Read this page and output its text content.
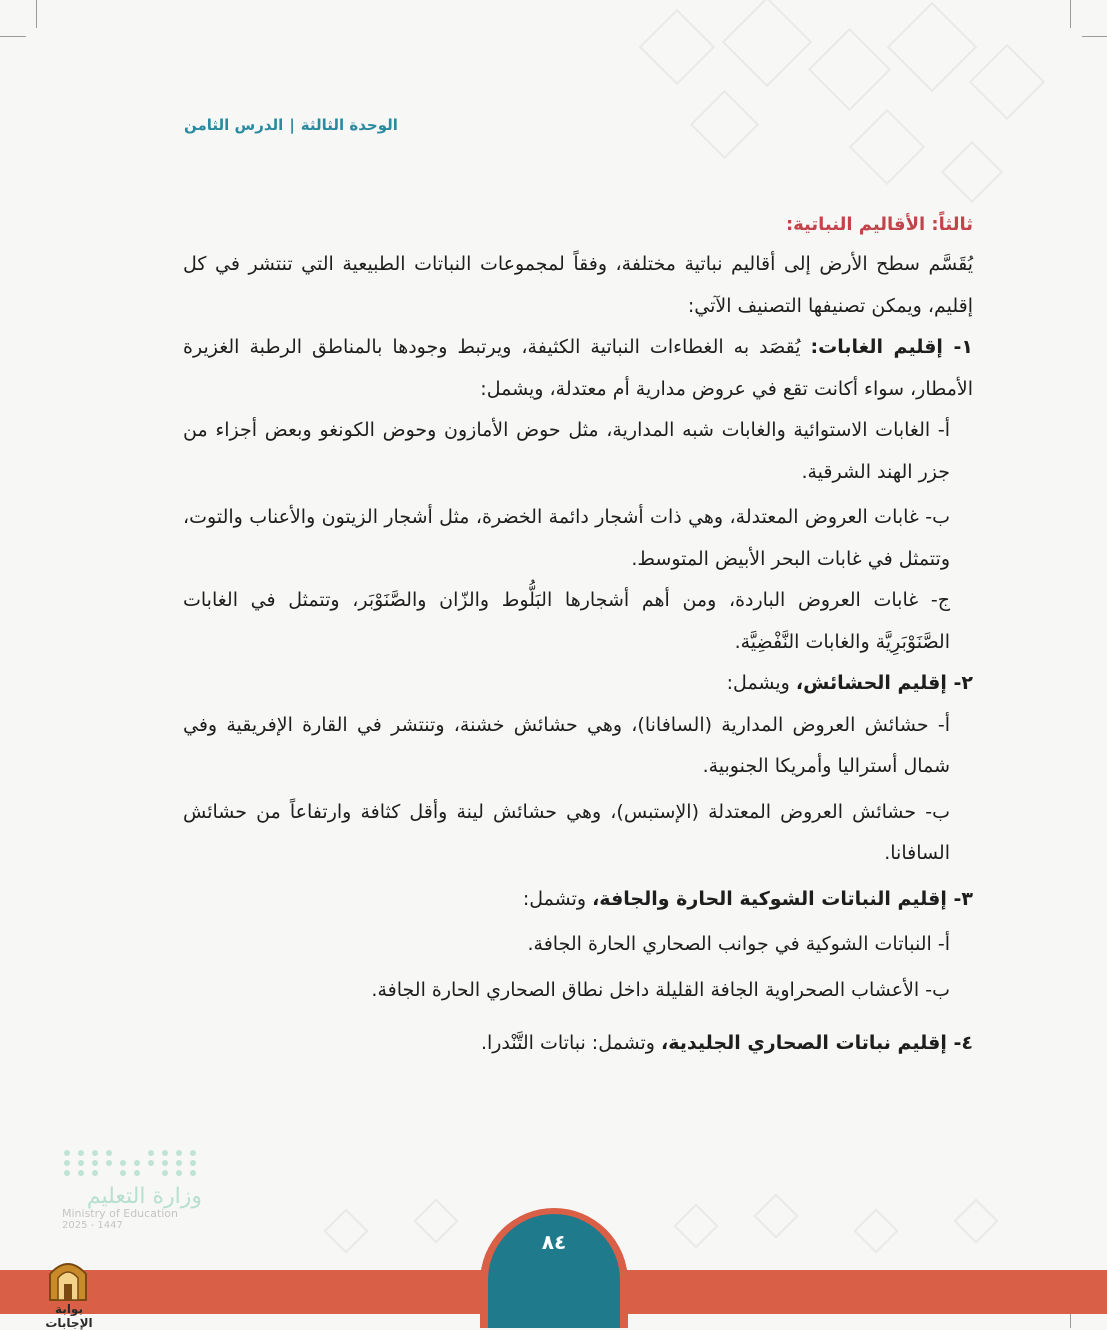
الوحدة الثالثة|الدرس الثامن
ثالثاً: الأقاليم النباتية:

يُقَسَّم سطح الأرض إلى أقاليم نباتية مختلفة، وفقاً لمجموعات النباتات الطبيعية التي تنتشر في كل إقليم، ويمكن تصنيفها التصنيف الآتي:

١- إقليم الغابات: يُقصَد به الغطاءات النباتية الكثيفة، ويرتبط وجودها بالمناطق الرطبة الغزيرة الأمطار، سواء أكانت تقع في عروض مدارية أم معتدلة، ويشمل:

أ- الغابات الاستوائية والغابات شبه المدارية، مثل حوض الأمازون وحوض الكونغو وبعض أجزاء من جزر الهند الشرقية.

ب- غابات العروض المعتدلة، وهي ذات أشجار دائمة الخضرة، مثل أشجار الزيتون والأعناب والتوت، وتتمثل في غابات البحر الأبيض المتوسط.

ج- غابات العروض الباردة، ومن أهم أشجارها البَلُّوط والزّان والصَّنَوْبَر، وتتمثل في الغابات الصَّنَوْبَرِيَّة والغابات النَّفْضِيَّة.

٢- إقليم الحشائش، ويشمل:

أ- حشائش العروض المدارية (السافانا)، وهي حشائش خشنة، وتنتشر في القارة الإفريقية وفي شمال أستراليا وأمريكا الجنوبية.

ب- حشائش العروض المعتدلة (الإستبس)، وهي حشائش لينة وأقل كثافة وارتفاعاً من حشائش السافانا.

٣- إقليم النباتات الشوكية الحارة والجافة، وتشمل:

أ- النباتات الشوكية في جوانب الصحاري الحارة الجافة.

ب- الأعشاب الصحراوية الجافة القليلة داخل نطاق الصحاري الحارة الجافة.

٤- إقليم نباتات الصحاري الجليدية، وتشمل: نباتات التَّنْدرا.

وزارة التعليم
Ministry of Education
2025 - 1447
٨٤
بوابة الإجابات
